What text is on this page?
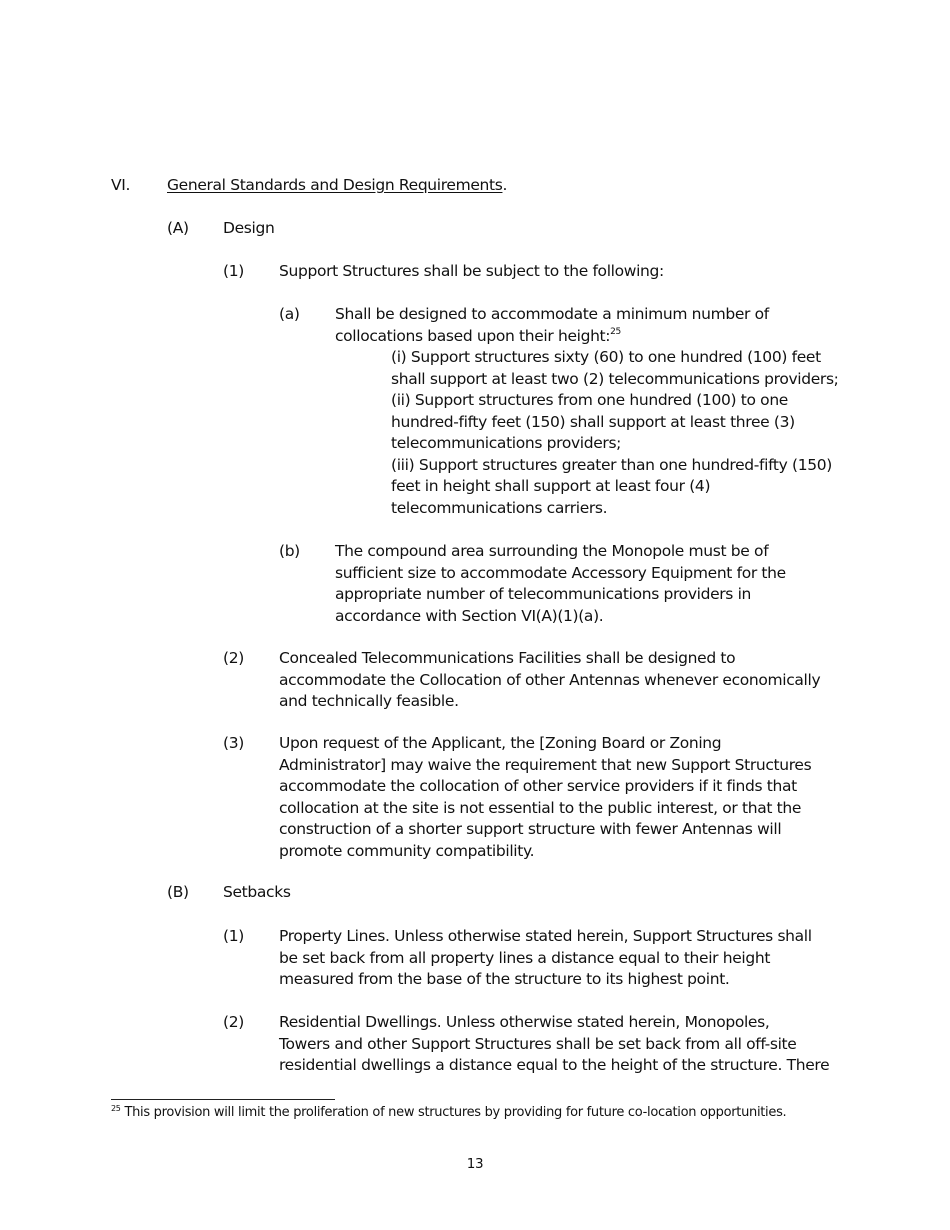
VI. General Standards and Design Requirements.
(A) Design
(1) Support Structures shall be subject to the following:
(a) Shall be designed to accommodate a minimum number of
collocations based upon their height:$^{25}$
(i) Support structures sixty (60) to one hundred (100) feet
shall support at least two (2) telecommunications providers;
(ii) Support structures from one hundred (100) to one
hundred-fifty feet (150) shall support at least three (3)
telecommunications providers;
(iii) Support structures greater than one hundred-fifty (150)
feet in height shall support at least four (4)
telecommunications carriers.
(b) The compound area surrounding the Monopole must be of
sufficient size to accommodate Accessory Equipment for the
appropriate number of telecommunications providers in
accordance with Section VI(A)(1)(a).
(2) Concealed Telecommunications Facilities shall be designed to
accommodate the Collocation of other Antennas whenever economically
and technically feasible.
(3) Upon request of the Applicant, the [Zoning Board or Zoning
Administrator] may waive the requirement that new Support Structures
accommodate the collocation of other service providers if it finds that
collocation at the site is not essential to the public interest, or that the
construction of a shorter support structure with fewer Antennas will
promote community compatibility.
(B) Setbacks
(1) Property Lines. Unless otherwise stated herein, Support Structures shall
be set back from all property lines a distance equal to their height
measured from the base of the structure to its highest point.
(2) Residential Dwellings. Unless otherwise stated herein, Monopoles,
Towers and other Support Structures shall be set back from all off-site
residential dwellings a distance equal to the height of the structure. There
$^{25}$ This provision will limit the proliferation of new structures by providing for future co-location opportunities.
13
